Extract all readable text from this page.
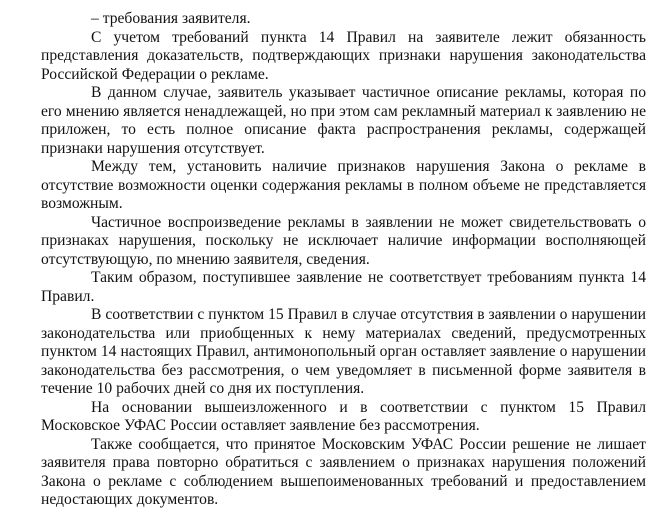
– требования заявителя.

С учетом требований пункта 14 Правил на заявителе лежит обязанность представления доказательств, подтверждающих признаки нарушения законодательства Российской Федерации о рекламе.

В данном случае, заявитель указывает частичное описание рекламы, которая по его мнению является ненадлежащей, но при этом сам рекламный материал к заявлению не приложен, то есть полное описание факта распространения рекламы, содержащей признаки нарушения отсутствует.

Между тем, установить наличие признаков нарушения Закона о рекламе в отсутствие возможности оценки содержания рекламы в полном объеме не представляется возможным.

Частичное воспроизведение рекламы в заявлении не может свидетельствовать о признаках нарушения, поскольку не исключает наличие информации восполняющей отсутствующую, по мнению заявителя, сведения.

Таким образом, поступившее заявление не соответствует требованиям пункта 14 Правил.

В соответствии с пунктом 15 Правил в случае отсутствия в заявлении о нарушении законодательства или приобщенных к нему материалах сведений, предусмотренных пунктом 14 настоящих Правил, антимонопольный орган оставляет заявление о нарушении законодательства без рассмотрения, о чем уведомляет в письменной форме заявителя в течение 10 рабочих дней со дня их поступления.

На основании вышеизложенного и в соответствии с пунктом 15 Правил Московское УФАС России оставляет заявление без рассмотрения.

Также сообщается, что принятое Московским УФАС России решение не лишает заявителя права повторно обратиться с заявлением о признаках нарушения положений Закона о рекламе с соблюдением вышепоименованных требований и предоставлением недостающих документов.
